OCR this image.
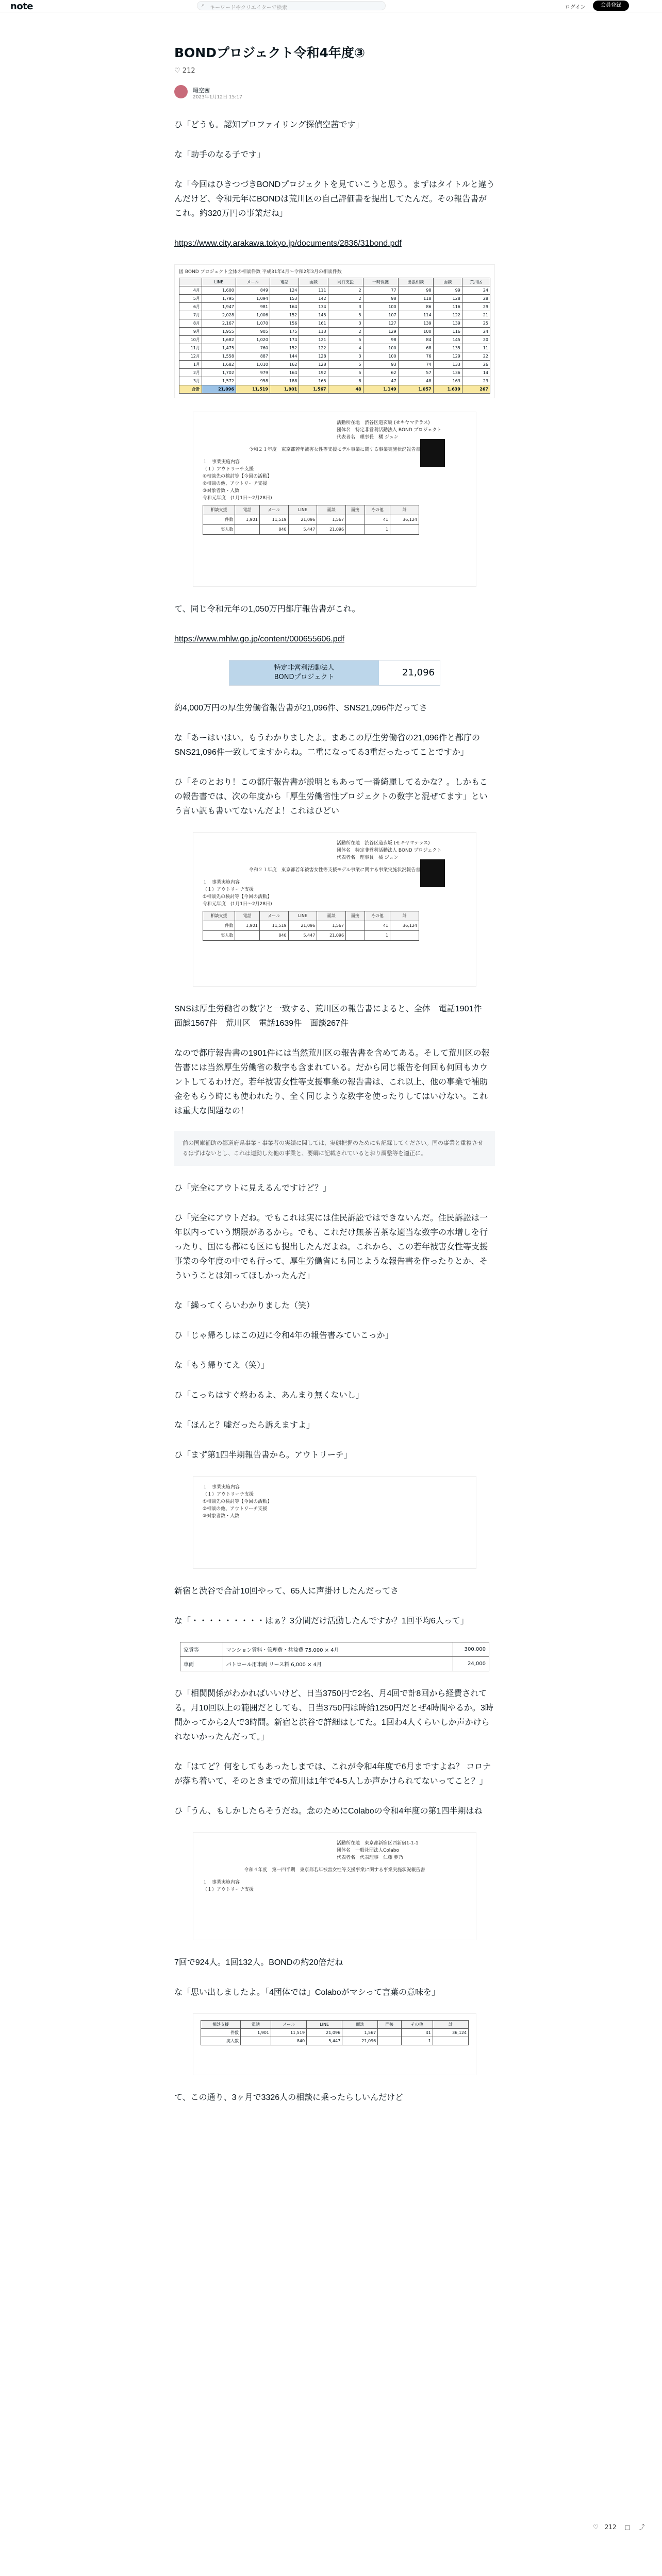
note	⌕ キーワードやクリエイターで検索	ログイン	会員登録
BONDプロジェクト令和4年度③
♡ 212
暇空茜
2023年1月12日 15:17

ひ「どうも。認知プロファイリング探偵空茜です」

な「助手のなる子です」

な「今回はひきつづきBONDプロジェクトを見ていこうと思う。まずはタイトルと違うんだけど、令和元年にBONDは荒川区の自己評価書を提出してたんだ。その報告書がこれ。約320万円の事業だね」

https://www.city.arakawa.tokyo.jp/documents/2836/31bond.pdf

図 BOND プロジェクト全体の相談件数 平成31年4月〜令和2年3月の相談件数
	LINE	メール	電話	面談	同行支援	一時保護	出張相談	面談	荒川区
4月	1,600	849	124	111	2	77	98	99	24
5月	1,795	1,094	153	142	2	98	118	128	28
6月	1,947	981	164	134	3	100	86	116	29
7月	2,028	1,006	152	145	5	107	114	122	21
8月	2,167	1,070	156	161	3	127	139	139	25
9月	1,955	905	175	113	2	129	100	116	24
10月	1,682	1,020	174	121	5	98	84	145	20
11月	1,475	760	152	122	4	100	68	135	11
12月	1,558	887	144	128	3	100	76	129	22
1月	1,682	1,010	162	128	5	93	74	133	26
2月	1,702	979	164	192	5	62	57	136	14
3月	1,572	958	188	165	8	47	48	163	23
合計	21,096	11,519	1,901	1,567	48	1,149	1,057	1,639	267
活動所在地　渋谷区道玄坂 (せキヤマテラス)
団体名　特定非営利活動法人 BOND プロジェクト
代表者名　理事長　橘 ジュン
令和２１年度　東京都若年被害女性等支援モデル事業に関する事業実施状況報告書
１　事業実施内容
（１）アウトリーチ支援
①相談先の検討等【今回の活動】
②相談の他、アウトリーチ支援
③対象者数・人数
令和元年度　(1月1日〜2月28日)
相談支援	電話	メール	LINE	面談	面接	その他	計
件数	1,901	11,519	21,096	1,567		41	36,124
実人数		840	5,447	21,096		1	

て、同じ令和元年の1,050万円都庁報告書がこれ。

https://www.mhlw.go.jp/content/000655606.pdf

特定非営利活動法人
BONDプロジェクト	21,096

約4,000万円の厚生労働省報告書が21,096件、SNS21,096件だってさ

な「あーはいはい。もうわかりましたよ。まあこの厚生労働省の21,096件と都庁のSNS21,096件一致してますからね。二重になってる3重だったってことですか」

ひ「そのとおり！この都庁報告書が説明ともあって一番綺麗してるかな？。しかもこの報告書では、次の年度から「厚生労働省性プロジェクトの数字と混ぜてます」という言い訳も書いてないんだよ！これはひどい

活動所在地　渋谷区道玄坂 (せキヤマテラス)
団体名　特定非営利活動法人 BOND プロジェクト
代表者名　理事長　橘 ジュン
令和２１年度　東京都若年被害女性等支援モデル事業に関する事業実施状況報告書
１　事業実施内容
（１）アウトリーチ支援
①相談先の検討等【今回の活動】
令和元年度　(1月1日〜2月28日)
相談支援	電話	メール	LINE	面談	面接	その他	計
件数	1,901	11,519	21,096	1,567		41	36,124
実人数		840	5,447	21,096		1	

SNSは厚生労働省の数字と一致する、荒川区の報告書によると、全体　電話1901件　面談1567件　荒川区　電話1639件　面談267件

なので都庁報告書の1901件には当然荒川区の報告書を含めてある。そして荒川区の報告書には当然厚生労働省の数字も含まれている。だから同じ報告を何回も何回もカウントしてるわけだ。若年被害女性等支援事業の報告書は、これ以上、他の事業で補助金をもらう時にも使われたり、全く同じような数字を使ったりしてはいけない。これは重大な問題なの！

前の国庫補助の都道府県事業・事業者の実績に関しては、実態把握のためにも記録してください。国の事業と重複させるはずはないとし、これは連動した他の事業と、要綱に記載されているとおり調整等を適正に。

ひ「完全にアウトに見えるんですけど？」

ひ「完全にアウトだね。でもこれは実には住民訴訟ではできないんだ。住民訴訟は一年以内っていう期限があるから。でも、これだけ無茶苦茶な適当な数字の水増しを行ったり、国にも都にも区にも提出したんだよね。これから、この若年被害女性等支援事業の今年度の中でも行って、厚生労働省にも同じような報告書を作ったりとか、そういうことは知ってほしかったんだ」

な「繰ってくらいわかりました（笑）

ひ「じゃ帰ろしはこの辺に令和4年の報告書みていこっか」

な「もう帰りてえ（笑）」

ひ「こっちはすぐ終わるよ、あんまり無くないし」

な「ほんと？嘘だったら訴えますよ」

ひ「まず第1四半期報告書から。アウトリーチ」

１　事業実施内容
（１）アウトリーチ支援
①相談先の検討等【今回の活動】
②相談の他、アウトリーチ支援
③対象者数・人数

新宿と渋谷で合計10回やって、65人に声掛けしたんだってさ

な「・・・・・・・・・はぁ？3分間だけ活動したんですか？1回平均6人って」

家賃等	マンション賃料・管理費・共益費 75,000 × 4月	300,000
車両	パトロール用車両 リース料 6,000 × 4月	24,000

ひ「相関関係がわかればいいけど、日当3750円で2名、月4回で計8回から経費されてる。月10回以上の範囲だとしても、日当3750円は時給1250円だとぜ4時間やるか。3時間かってから2人で3時間。新宿と渋谷で詳細はしてた。1回わ4人くらいしか声かけられないかったんだって。」

な「はてど？何をしてもあったしまでは、これが令和4年度で6月まですよね？ コロナが落ち着いて、そのときまでの荒川は1年で4-5人しか声かけられてないってこと？」

ひ「うん、もしかしたらそうだね。念のためにColaboの令和4年度の第1四半期はね

活動所在地　東京都新宿区西新宿1-1-1
団体名　一般社団法人Colabo
代表者名　代表理事　仁藤 夢乃
令和４年度　第一四半期　東京都若年被害女性等支援事業に関する事業実施状況報告書
１　事業実施内容
（１）アウトリーチ支援

7回で924人。1回132人。BONDの約20倍だね

な「思い出しましたよ。「4団体では」Colaboがマシって言葉の意味を」

相談支援	電話	メール	LINE	面談	面接	その他	計
件数	1,901	11,519	21,096	1,567		41	36,124
実人数		840	5,447	21,096		1	

て、この通り、3ヶ月で3326人の相談に乗ったらしいんだけど

♡ 212 ▢ ⤴
